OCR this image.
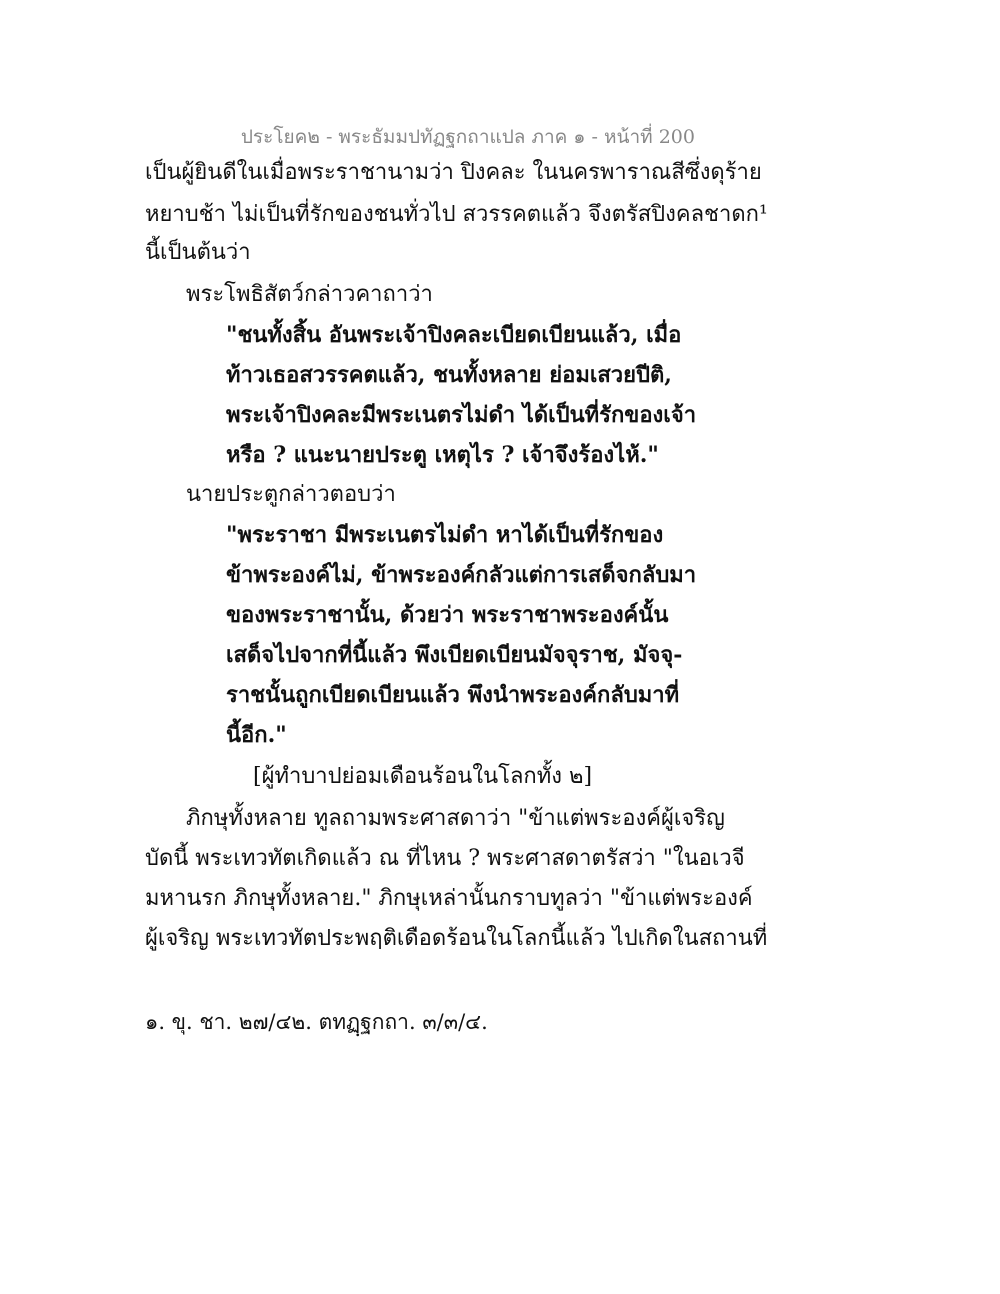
ประโยค๒ - พระธัมมปทัฏฐกถาแปล ภาค ๑ - หน้าที่ 200
เป็นผู้ยินดีในเมื่อพระราชานามว่า ปิงคละ ในนครพาราณสีซึ่งดุร้าย
หยาบช้า ไม่เป็นที่รักของชนทั่วไป สวรรคตแล้ว จึงตรัสปิงคลชาดก¹
นี้เป็นต้นว่า
พระโพธิสัตว์กล่าวคาถาว่า
"ชนทั้งสิ้น อันพระเจ้าปิงคละเบียดเบียนแล้ว, เมื่อ
ท้าวเธอสวรรคตแล้ว, ชนทั้งหลาย ย่อมเสวยปีติ,
พระเจ้าปิงคละมีพระเนตรไม่ดำ ได้เป็นที่รักของเจ้า
หรือ ? แนะนายประตู เหตุไร ? เจ้าจึงร้องไห้."
นายประตูกล่าวตอบว่า
"พระราชา มีพระเนตรไม่ดำ หาได้เป็นที่รักของ
ข้าพระองค์ไม่, ข้าพระองค์กลัวแต่การเสด็จกลับมา
ของพระราชานั้น, ด้วยว่า พระราชาพระองค์นั้น
เสด็จไปจากที่นี้แล้ว พึงเบียดเบียนมัจจุราช, มัจจุ-
ราชนั้นถูกเบียดเบียนแล้ว พึงนำพระองค์กลับมาที่
นี้อีก."
[ผู้ทำบาปย่อมเดือนร้อนในโลกทั้ง ๒]
ภิกษุทั้งหลาย ทูลถามพระศาสดาว่า "ข้าแต่พระองค์ผู้เจริญ
บัดนี้ พระเทวทัตเกิดแล้ว ณ ที่ไหน ? พระศาสดาตรัสว่า "ในอเวจี
มหานรก ภิกษุทั้งหลาย." ภิกษุเหล่านั้นกราบทูลว่า "ข้าแต่พระองค์
ผู้เจริญ พระเทวทัตประพฤติเดือดร้อนในโลกนี้แล้ว ไปเกิดในสถานที่
๑. ขุ. ชา. ๒๗/๔๒. ตทฏฺฐกถา. ๓/๓/๔.
